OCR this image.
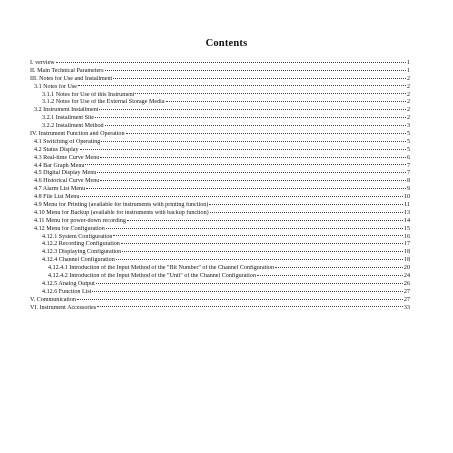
Contents
I. verview	1
II. Main Technical Parameters	1
III. Notes for Use and Installment	2
3.1 Notes for Use	2
3.1.1 Notes for Use of this Instrument	2
3.1.2 Notes for Use of the External Storage Media	2
3.2 Instrument Installment	2
3.2.1 Installment Site	2
3.2.2 Installment Method	3
IV. Instrument Function and Operation	5
4.1 Switching of Operating	5
4.2 Status Display	5
4.3 Real-time Curve Menu	6
4.4 Bar Graph Menu	7
4.5 Digital Display Menu	7
4.6 Historical Curve Menu	8
4.7 Alarm List Menu	9
4.8 File List Menu	10
4.9 Menu for Printing (available for instruments with printing function)	11
4.10 Menu for Backup (available for instruments with backup function)	13
4.11 Menu for power-down recording	14
4.12 Menu for Configuration	15
4.12.1 System Configuration	16
4.12.2 Recording Configuration	17
4.12.3 Displaying Configuration	18
4.12.4 Channel Configuration	18
4.12.4.1 Introduction of the Input Method of the "Bit Number" of the Channel Configuration	20
4.12.4.2 Introduction of the Input Method of the "Unit" of the Channel Configuration	24
4.12.5 Analog Output	26
4.12.6 Function List	27
V. Communication	27
VI. Instrument Accessories	33
